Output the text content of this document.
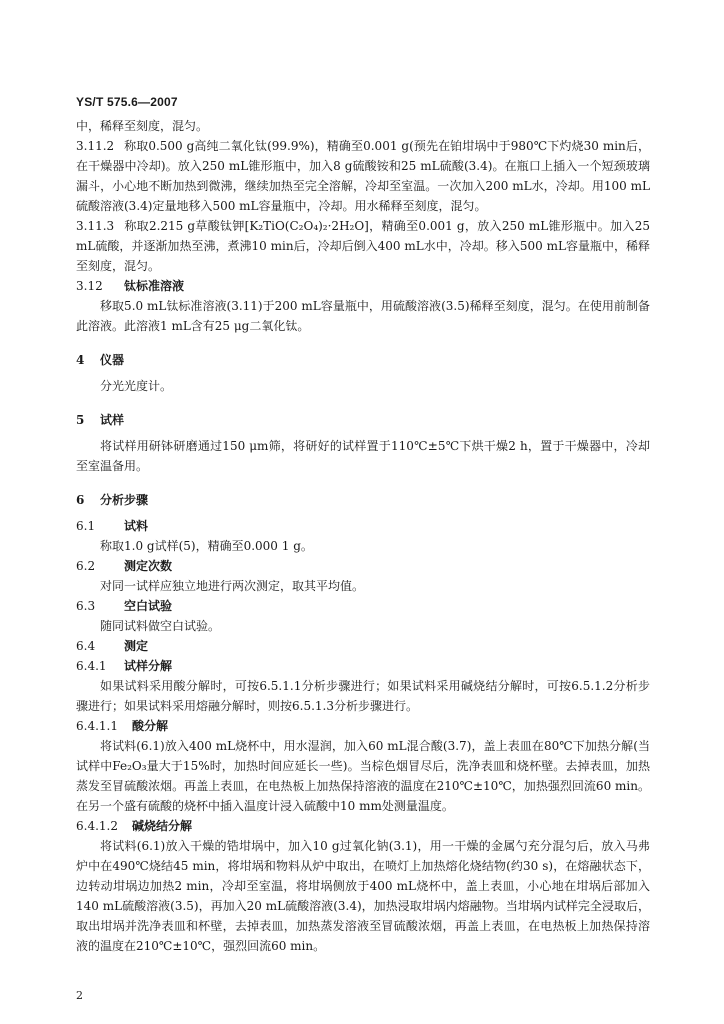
YS/T 575.6—2007

中，稀释至刻度，混匀。

3.11.2 称取0.500 g高纯二氧化钛(99.9%)，精确至0.001 g(预先在铂坩埚中于980℃下灼烧30 min后，在干燥器中冷却)。放入250 mL锥形瓶中，加入8 g硫酸铵和25 mL硫酸(3.4)。在瓶口上插入一个短颈玻璃漏斗，小心地不断加热到微沸，继续加热至完全溶解，冷却至室温。一次加入200 mL水，冷却。用100 mL硫酸溶液(3.4)定量地移入500 mL容量瓶中，冷却。用水稀释至刻度，混匀。

3.11.3 称取2.215 g草酸钛钾[K₂TiO(C₂O₄)₂·2H₂O]，精确至0.001 g，放入250 mL锥形瓶中。加入25 mL硫酸，并逐渐加热至沸，煮沸10 min后，冷却后倒入400 mL水中，冷却。移入500 mL容量瓶中，稀释至刻度，混匀。

3.12 钛标准溶液

移取5.0 mL钛标准溶液(3.11)于200 mL容量瓶中，用硫酸溶液(3.5)稀释至刻度，混匀。在使用前制备此溶液。此溶液1 mL含有25 μg二氧化钛。

4 仪器

分光光度计。

5 试样

将试样用研钵研磨通过150 μm筛，将研好的试样置于110℃±5℃下烘干燥2 h，置于干燥器中，冷却至室温备用。

6 分析步骤

6.1 试料

称取1.0 g试样(5)，精确至0.000 1 g。

6.2 测定次数

对同一试样应独立地进行两次测定，取其平均值。

6.3 空白试验

随同试料做空白试验。

6.4 测定

6.4.1 试样分解

如果试料采用酸分解时，可按6.5.1.1分析步骤进行；如果试料采用碱烧结分解时，可按6.5.1.2分析步骤进行；如果试料采用熔融分解时，则按6.5.1.3分析步骤进行。

6.4.1.1 酸分解

将试料(6.1)放入400 mL烧杯中，用水湿润，加入60 mL混合酸(3.7)，盖上表皿在80℃下加热分解(当试样中Fe₂O₃量大于15%时，加热时间应延长一些)。当棕色烟冒尽后，洗净表皿和烧杯壁。去掉表皿，加热蒸发至冒硫酸浓烟。再盖上表皿，在电热板上加热保持溶液的温度在210℃±10℃，加热强烈回流60 min。在另一个盛有硫酸的烧杯中插入温度计浸入硫酸中10 mm处测量温度。

6.4.1.2 碱烧结分解

将试料(6.1)放入干燥的锆坩埚中，加入10 g过氧化钠(3.1)，用一干燥的金属勺充分混匀后，放入马弗炉中在490℃烧结45 min，将坩埚和物料从炉中取出，在喷灯上加热熔化烧结物(约30 s)，在熔融状态下，边转动坩埚边加热2 min，冷却至室温，将坩埚侧放于400 mL烧杯中，盖上表皿，小心地在坩埚后部加入140 mL硫酸溶液(3.5)，再加入20 mL硫酸溶液(3.4)，加热浸取坩埚内熔融物。当坩埚内试样完全浸取后，取出坩埚并洗净表皿和杯壁，去掉表皿，加热蒸发溶液至冒硫酸浓烟，再盖上表皿，在电热板上加热保持溶液的温度在210℃±10℃，强烈回流60 min。

2
